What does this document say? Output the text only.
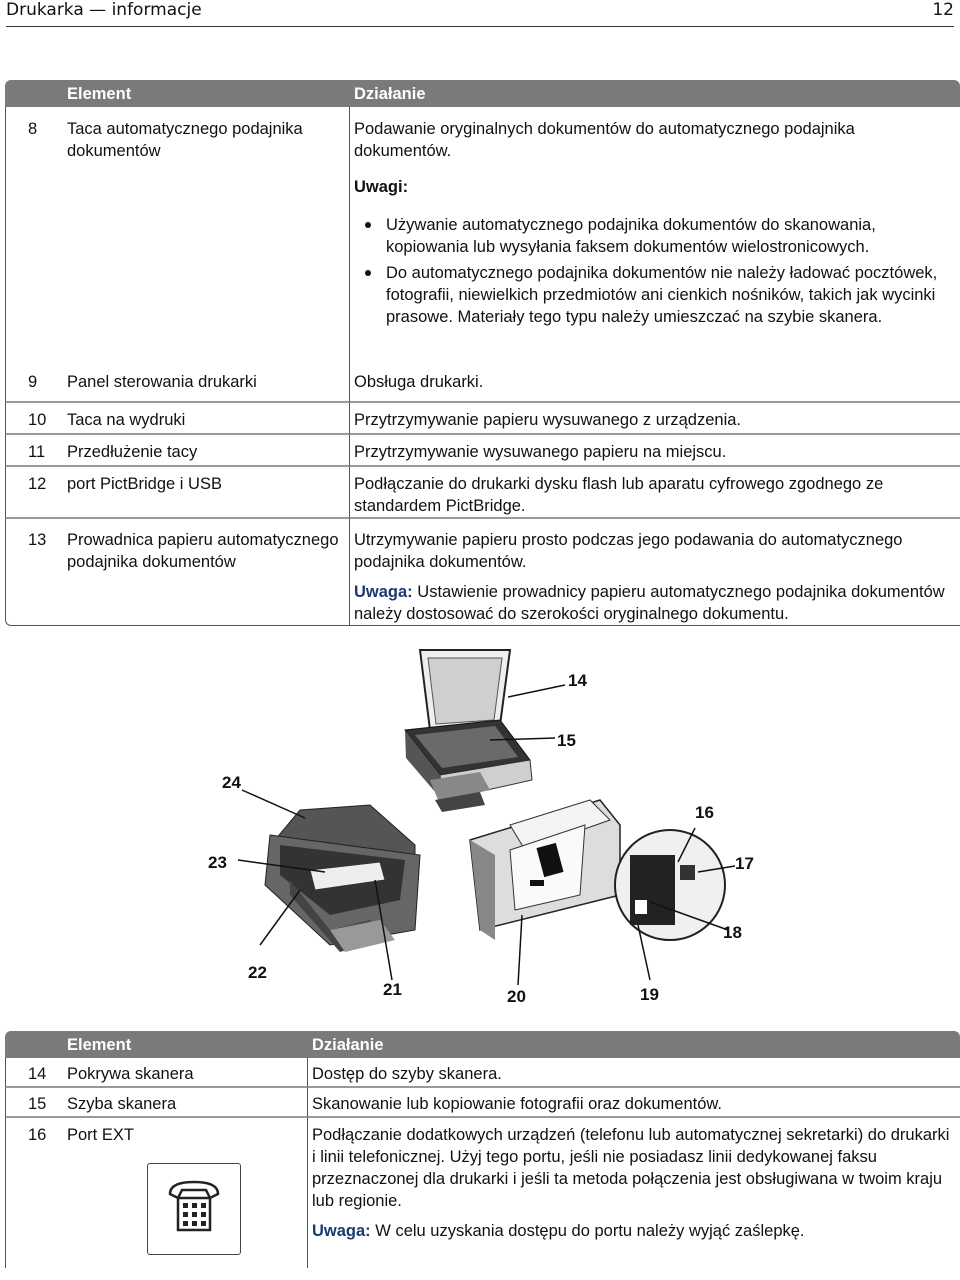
Drukarka — informacje	12
	Element	Działanie
8	Taca automatycznego podajnika dokumentów	Podawanie oryginalnych dokumentów do automatycznego podajnika dokumentów.
Uwagi:
Używanie automatycznego podajnika dokumentów do skanowania, kopiowania lub wysyłania faksem dokumentów wielostronicowych.
Do automatycznego podajnika dokumentów nie należy ładować pocztówek, fotografii, niewielkich przedmiotów ani cienkich nośników, takich jak wycinki prasowe. Materiały tego typu należy umieszczać na szybie skanera.

9	Panel sterowania drukarki	Obsługa drukarki.
10	Taca na wydruki	Przytrzymywanie papieru wysuwanego z urządzenia.
11	Przedłużenie tacy	Przytrzymywanie wysuwanego papieru na miejscu.
12	port PictBridge i USB	Podłączanie do drukarki dysku flash lub aparatu cyfrowego zgodnego ze standardem PictBridge.
13	Prowadnica papieru automatycznego podajnika dokumentów	Utrzymywanie papieru prosto podczas jego podawania do automatycznego podajnika dokumentów.
Uwaga: Ustawienie prowadnicy papieru automatycznego podajnika dokumentów należy dostosować do szerokości oryginalnego dokumentu.
14
15
24
16
17
23
18
22
21	20	19
	Element	Działanie
14	Pokrywa skanera	Dostęp do szyby skanera.
15	Szyba skanera	Skanowanie lub kopiowanie fotografii oraz dokumentów.
16	Port EXT	Podłączanie dodatkowych urządzeń (telefonu lub automatycznej sekretarki) do drukarki i linii telefonicznej. Użyj tego portu, jeśli nie posiadasz linii dedykowanej faksu przeznaczonej dla drukarki i jeśli ta metoda połączenia jest obsługiwana w twoim kraju lub regionie.
Uwaga: W celu uzyskania dostępu do portu należy wyjąć zaślepkę.
